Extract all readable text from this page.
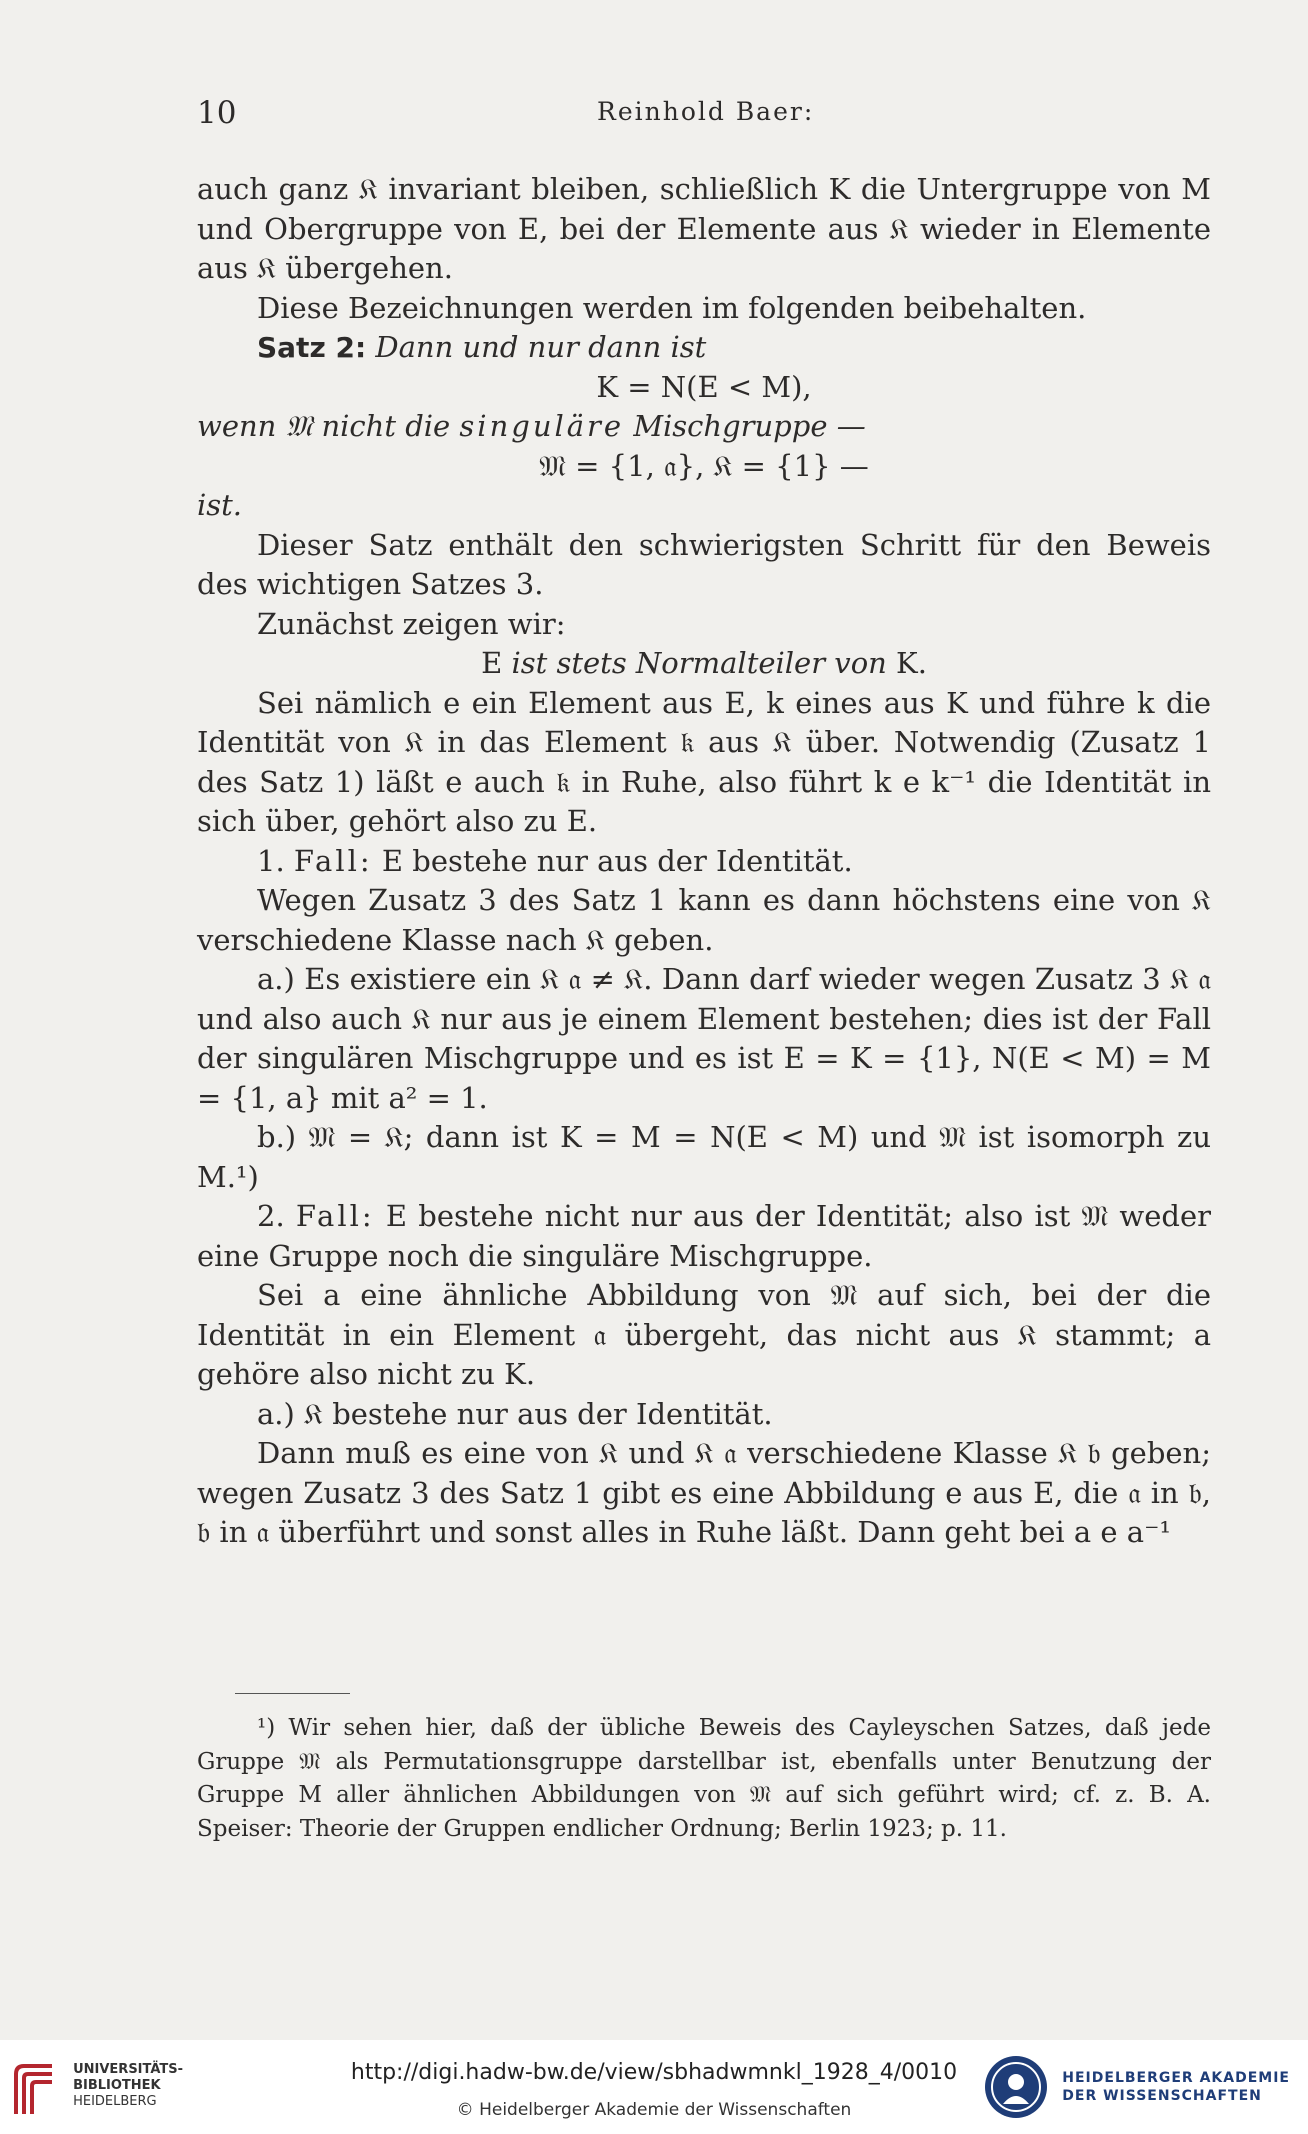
10	Reinhold Baer:

auch ganz 𝔎 invariant bleiben, schließlich K die Untergruppe von M und Obergruppe von E, bei der Elemente aus 𝔎 wieder in Elemente aus 𝔎 übergehen.

Diese Bezeichnungen werden im folgenden beibehalten.

Satz 2: Dann und nur dann ist

K = N(E < M),

wenn 𝔐 nicht die singuläre Mischgruppe —

𝔐 = {1, 𝔞}, 𝔎 = {1} —

ist.

Dieser Satz enthält den schwierigsten Schritt für den Beweis des wichtigen Satzes 3.

Zunächst zeigen wir:

E ist stets Normalteiler von K.

Sei nämlich e ein Element aus E, k eines aus K und führe k die Identität von 𝔎 in das Element 𝔨 aus 𝔎 über. Notwendig (Zusatz 1 des Satz 1) läßt e auch 𝔨 in Ruhe, also führt k e k⁻¹ die Identität in sich über, gehört also zu E.

1. Fall: E bestehe nur aus der Identität.

Wegen Zusatz 3 des Satz 1 kann es dann höchstens eine von 𝔎 verschiedene Klasse nach 𝔎 geben.

a.) Es existiere ein 𝔎 𝔞 ≠ 𝔎. Dann darf wieder wegen Zusatz 3 𝔎 𝔞 und also auch 𝔎 nur aus je einem Element bestehen; dies ist der Fall der singulären Mischgruppe und es ist E = K = {1}, N(E < M) = M = {1, a} mit a² = 1.

b.) 𝔐 = 𝔎; dann ist K = M = N(E < M) und 𝔐 ist isomorph zu M.¹)

2. Fall: E bestehe nicht nur aus der Identität; also ist 𝔐 weder eine Gruppe noch die singuläre Mischgruppe.

Sei a eine ähnliche Abbildung von 𝔐 auf sich, bei der die Identität in ein Element 𝔞 übergeht, das nicht aus 𝔎 stammt; a gehöre also nicht zu K.

a.) 𝔎 bestehe nur aus der Identität.

Dann muß es eine von 𝔎 und 𝔎 𝔞 verschiedene Klasse 𝔎 𝔟 geben; wegen Zusatz 3 des Satz 1 gibt es eine Abbildung e aus E, die 𝔞 in 𝔟, 𝔟 in 𝔞 überführt und sonst alles in Ruhe läßt. Dann geht bei a e a⁻¹

¹) Wir sehen hier, daß der übliche Beweis des Cayleyschen Satzes, daß jede Gruppe 𝔐 als Permutationsgruppe darstellbar ist, ebenfalls unter Benutzung der Gruppe M aller ähnlichen Abbildungen von 𝔐 auf sich geführt wird; cf. z. B. A. Speiser: Theorie der Gruppen endlicher Ordnung; Berlin 1923; p. 11.

UNIVERSITÄTS-
BIBLIOTHEK
HEIDELBERG
http://digi.hadw-bw.de/view/sbhadwmnkl_1928_4/0010
© Heidelberger Akademie der Wissenschaften

HEIDELBERGER AKADEMIE
DER WISSENSCHAFTEN
